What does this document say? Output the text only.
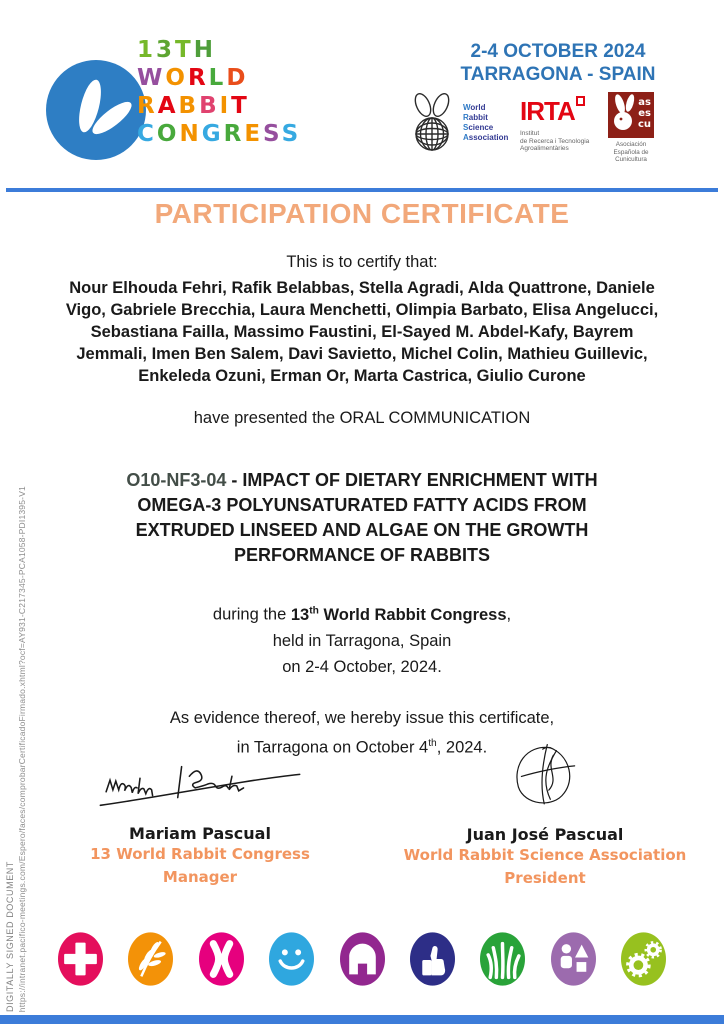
13TH
WORLD
RABBIT
CONGRESS
2-4 OCTOBER 2024
TARRAGONA - SPAIN
World
Rabbit
Science
Association
IRTA
Institut
de Recerca i Tecnologia
Agroalimentàries
as
es
cu
Asociación
Española de
Cunicultura
PARTICIPATION CERTIFICATE
This is to certify that:
Nour Elhouda Fehri, Rafik Belabbas, Stella Agradi, Alda Quattrone, Daniele Vigo, Gabriele Brecchia, Laura Menchetti, Olimpia Barbato, Elisa Angelucci, Sebastiana Failla, Massimo Faustini, El-Sayed M. Abdel-Kafy, Bayrem Jemmali, Imen Ben Salem, Davi Savietto, Michel Colin, Mathieu Guillevic, Enkeleda Ozuni, Erman Or, Marta Castrica, Giulio Curone
have presented the ORAL COMMUNICATION
O10-NF3-04 - IMPACT OF DIETARY ENRICHMENT WITH OMEGA-3 POLYUNSATURATED FATTY ACIDS FROM EXTRUDED LINSEED AND ALGAE ON THE GROWTH PERFORMANCE OF RABBITS
during the 13th World Rabbit Congress,
held in Tarragona, Spain
on 2-4 October, 2024.
As evidence thereof, we hereby issue this certificate,
in Tarragona on October 4th, 2024.
Mariam Pascual
13 World Rabbit Congress
Manager
Juan José Pascual
World Rabbit Science Association
President
DIGITALLY SIGNED DOCUMENT https://intranet.pacifico-meetings.com/Espero/faces/comprobarCertificadoFirmado.xhtml?ocf=AY931-C217345-PCA1058-PDI1395-V1
